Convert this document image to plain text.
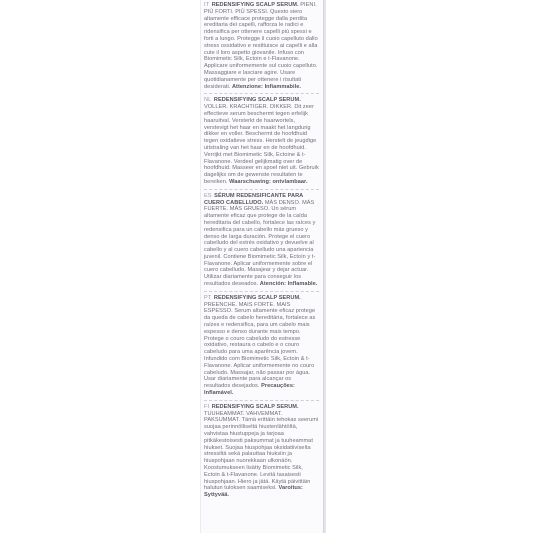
IT REDENSIFYING SCALP SERUM. PIENI. PIÙ FORTI. PIÙ SPESSI. Questo siero altamente efficace protegge dalla perdita ereditaria dei capelli, rafforza le radici e ridensifica per ottenere capelli più spessi e forti a lungo. Protegge il cuoio capelluto dallo stress ossidativo e restituisce ai capelli e alla cute il loro aspetto giovanile. Infuso con Biomimetic Silk, Ectoin e t-Flavanone. Applicare uniformemente sul cuoio capelluto. Massaggiare e lasciare agire. Usare quotidianamente per ottenere i risultati desiderati. Attenzione: Infiammabile.
NL REDENSIFYING SCALP SERUM. VOLLER. KRACHTIGER. DIKKER. Dit zeer effectieve serum beschermt tegen erfelijk haaruitval. Versterkt de haarwortels, verstevigt het haar en maakt het langdurig dikker en voller. Beschermt de hoofdhuid tegen oxidatieve stress. Herstelt de jeugdige uitstraling van het haar en de hoofdhuid. Verrijkt met Biomimetic Silk, Ectoine & t-Flavanone. Verdeel gelijkmatig over de hoofdhuid. Masseer en spoel niet uit. Gebruik dagelijks om de gewenste resultaten te bereiken. Waarschuwing: ontvlambaar.
ES SÉRUM REDENSIFICANTE PARA CUERO CABELLUDO. MÁS DENSO. MÁS FUERTE. MÁS GRUESO. Un sérum altamente eficaz que protege de la caída hereditaria del cabello, fortalece las raíces y redensifica para un cabello más grueso y denso de larga duración. Protege el cuero cabelludo del estrés oxidativo y devuelve al cabello y al cuero cabelludo una apariencia juvenil. Contiene Biomimetic Silk, Ectoín y t-Flavanone. Aplicar uniformemente sobre el cuero cabelludo. Masajear y dejar actuar. Utilizar diariamente para conseguir los resultados deseados. Atención: Inflamable.
PT REDENSIFYING SCALP SERUM. PREENCHE. MAIS FORTE. MAIS ESPESSO. Serum altamente eficaz protege da queda de cabelo hereditária, fortalece as raízes e redensifica, para um cabelo mais espesso e denso durante mais tempo. Protege o couro cabeludo do estresse oxidativo, restaura o cabelo e o couro cabeludo para uma aparência jovem. Infundido com Biomimetic Silk, Ectoin & t-Flavanone. Aplicar uniformemente no couro cabeludo. Massajar, não passar por água. Usar diariamente para alcançar os resultados desejados. Precauções: Inflamável.
FI REDENSIFYING SCALP SERUM. TUUHEAMMAT. VAHVEMMAT. PAKSUMMAT. Tämä erittäin tehokas seerumi suojaa perinnölliseltä hiustenlähtöltä, vahvistaa hiustuppeja ja tarjoaa pitkäkestoisesti paksummat ja tuuheammat hiukset. Suojaa hiuspohjaa oksidatiiviselta stressiltä sekä palauttaa hiuksiin ja hiuspohjaan nuorekkaan ulkonäön. Koostumukseen lisätty Biomimetic Silk, Ectoin & t-Flavanone. Levitä tasaisesti hiuspohjaan. Hiero ja jätä. Käytä päivittäin halutun tuloksen saamiseksi. Varoitus: Syttyvää.
